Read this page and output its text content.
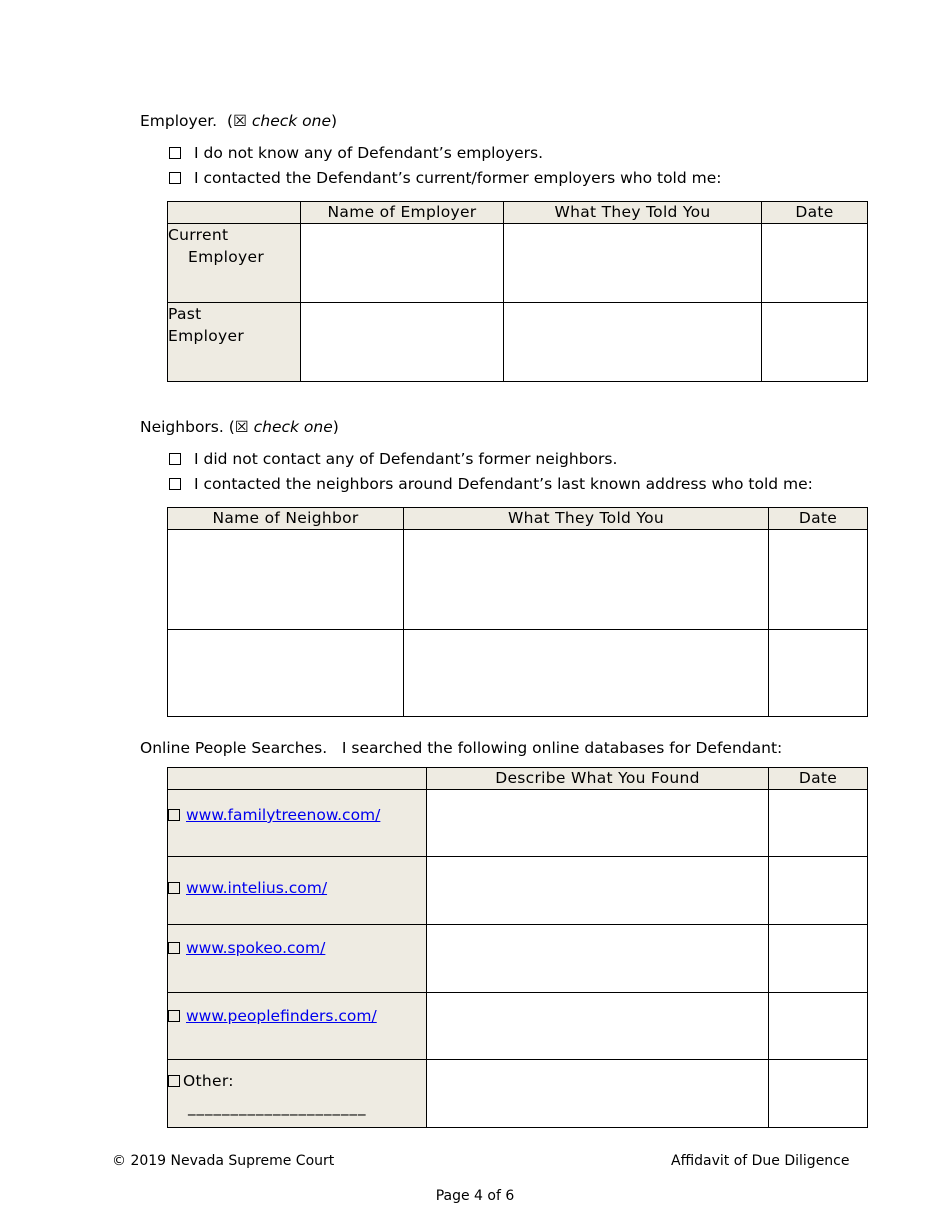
Employer. (☒ check one)
I do not know any of Defendant’s employers.
I contacted the Defendant’s current/former employers who told me:
	Name of Employer	What They Told You	Date

Current
Employer			

Past
Employer			

Neighbors. (☒ check one)
I did not contact any of Defendant’s former neighbors.
I contacted the neighbors around Defendant’s last known address who told me:
Name of Neighbor	What They Told You	Date

Online People Searches. I searched the following online databases for Defendant:
	Describe What You Found	Date

www.familytreenow.com/		

www.intelius.com/		

www.spokeo.com/		

www.peoplefinders.com/		

Other:
_____________________		

© 2019 Nevada Supreme Court	Affidavit of Due Diligence
Page 4 of 6
